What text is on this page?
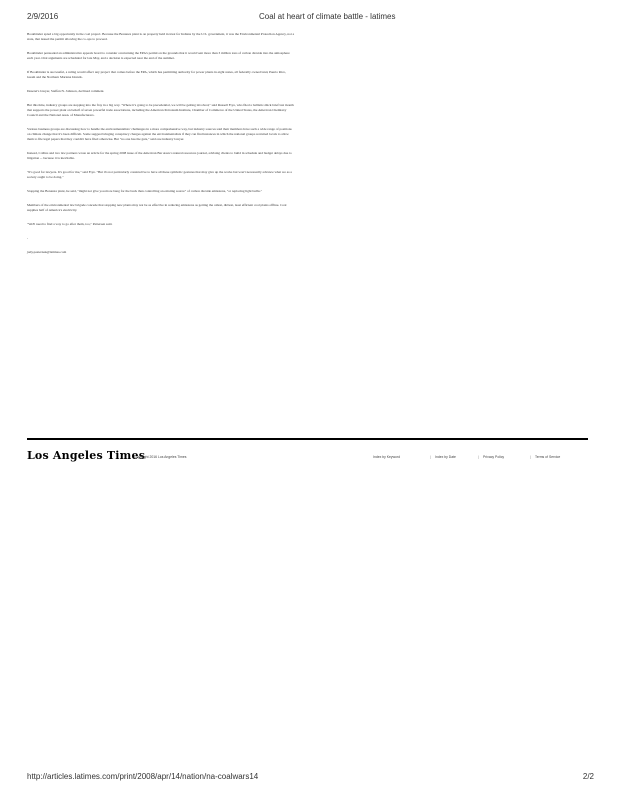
2/9/2016	Coal at heart of climate battle - latimes

Bookbinder spied a big opportunity in the coal project. Because the Bonanza plant is on property held in trust for Indians by the U.S. government, it was the Environmental Protection Agency, not a state, that issued the permit allowing the co-ops to proceed.

Bookbinder persuaded an administrative appeals board to consider overturning the EPA's permit on the grounds that it would vent more than 3 million tons of carbon dioxide into the atmosphere each year. Oral arguments are scheduled for late May, and a decision is expected near the end of the summer.

If Bookbinder is successful, a ruling would affect any project that comes before the EPA, which has permitting authority for power plants in eight states, all federally owned land, Puerto Rico, Guam and the Northern Mariana Islands.

Deseret's lawyer, Steffen N. Johnson, declined comment.

But this time, industry groups are stepping into the fray in a big way. "Where it's going to be precedential, we will be getting involved," said Russell Frye, who filed a ballistic-thick brief last month that supports the power plant on behalf of seven powerful trade associations, including the American Petroleum Institute, Chamber of Commerce of the United States, the American Chemistry Council and the National Assn. of Manufacturers.

Various business groups are discussing how to handle the environmentalists' challenges in a more comprehensive way, but industry sources said their members have such a wide range of positions on climate change that it's been difficult. Some suggest bringing conspiracy charges against the environmentalists if they can find instances in which the national groups recruited locals to allow them to file legal papers that they couldn't have filed otherwise. But "no one has the guts," said one industry lawyer.

Instead, Collins and two law partners wrote an article for the spring 2008 issue of the American Bar Assn.'s natural resources journal, advising clients to build in schedule and budget delays due to litigation -- because it is inevitable.

"It's good for lawyers. It's good for me," said Frye. "But it's not particularly constructive to have all these symbolic gestures that may give up the works but won't necessarily advance what we as a society ought to be doing."

Stopping the Bonanza plant, he said, "might not give you more bang for the buck than controlling an existing source" of carbon dioxide emissions, "or replacing light bulbs."

Members of the environmental law brigade concede that stopping new plants may not be as effective in reducing emissions as getting the oldest, dirtiest, least efficient coal plants offline. Coal supplies half of America's electricity.

"We'll need to find a way to go after them, too," Pettersen said.

-

judy.pasternak@latimes.com

Los Angeles Times
Copyright 2016 Los Angeles Times	Index by Keyword	| Index by Date	| Privacy Policy	| Terms of Service
http://articles.latimes.com/print/2008/apr/14/nation/na-coalwars14	2/2
